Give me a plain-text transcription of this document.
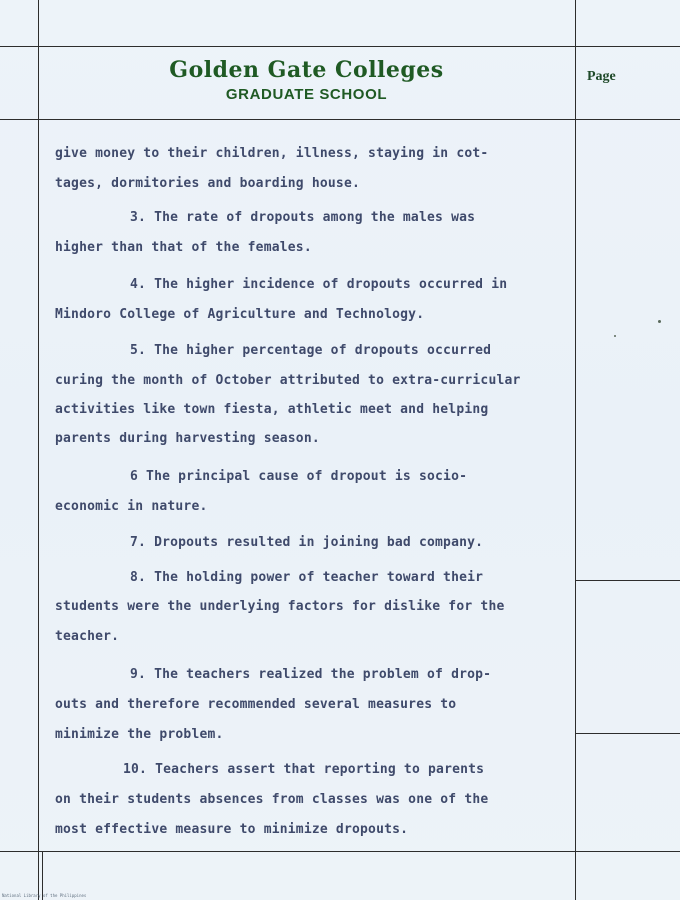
Golden Gate Colleges
GRADUATE SCHOOL
Page
give money to their children, illness, staying in cot-
tages, dormitories and boarding house.
3. The rate of dropouts among the males was
higher than that of the females.
4. The higher incidence of dropouts occurred in
Mindoro College of Agriculture and Technology.
5. The higher percentage of dropouts occurred
curing the month of October attributed to extra-curricular
activities like town fiesta, athletic meet and helping
parents during harvesting season.
6 The principal cause of dropout is socio-
economic in nature.
7. Dropouts resulted in joining bad company.
8. The holding power of teacher toward their
students were the underlying factors for dislike for the
teacher.
9. The teachers realized the problem of drop-
outs and therefore recommended several measures to
minimize the problem.
10. Teachers assert that reporting to parents
on their students absences from classes was one of the
most effective measure to minimize dropouts.
National Library of the Philippines
